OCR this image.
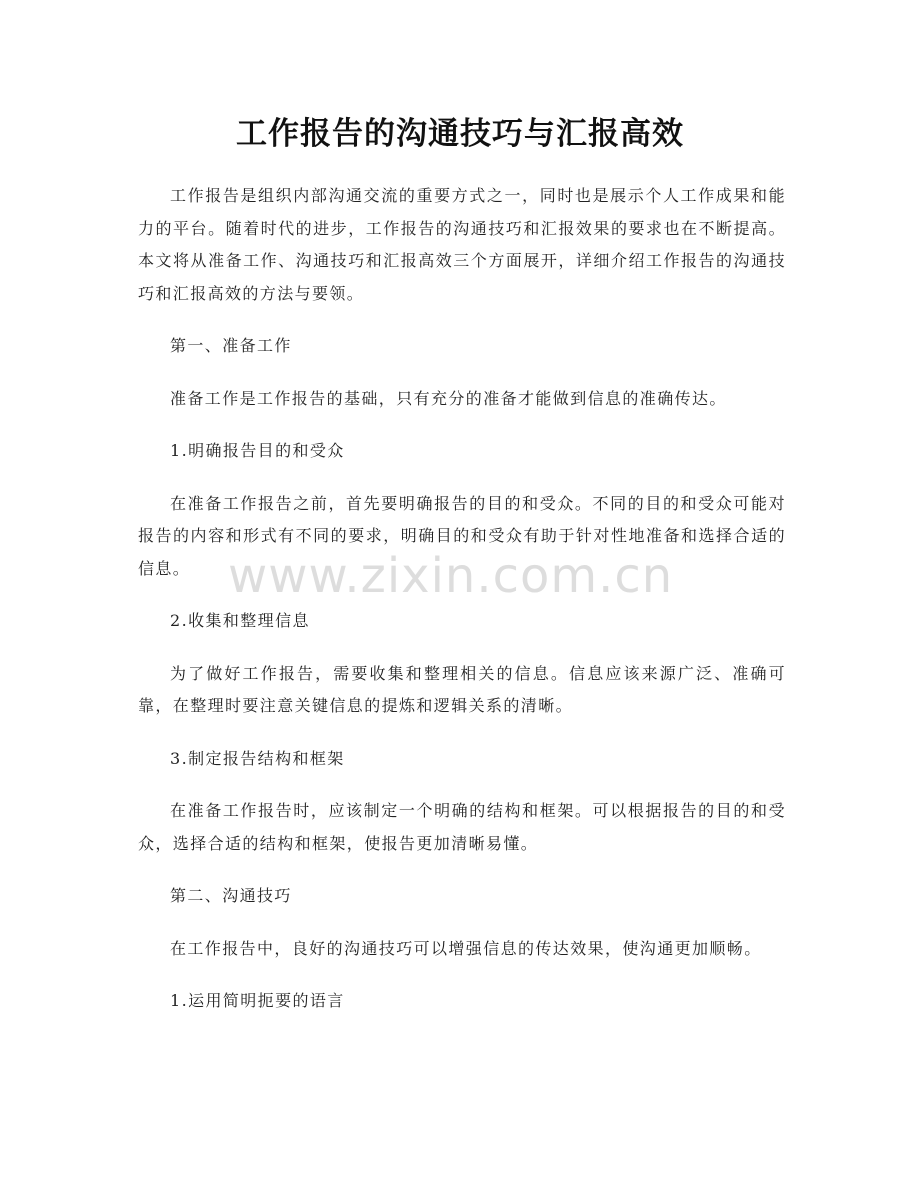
工作报告的沟通技巧与汇报高效

工作报告是组织内部沟通交流的重要方式之一，同时也是展示个人工作成果和能力的平台。随着时代的进步，工作报告的沟通技巧和汇报效果的要求也在不断提高。本文将从准备工作、沟通技巧和汇报高效三个方面展开，详细介绍工作报告的沟通技巧和汇报高效的方法与要领。

第一、准备工作

准备工作是工作报告的基础，只有充分的准备才能做到信息的准确传达。

1.明确报告目的和受众

在准备工作报告之前，首先要明确报告的目的和受众。不同的目的和受众可能对报告的内容和形式有不同的要求，明确目的和受众有助于针对性地准备和选择合适的信息。

2.收集和整理信息

为了做好工作报告，需要收集和整理相关的信息。信息应该来源广泛、准确可靠，在整理时要注意关键信息的提炼和逻辑关系的清晰。

3.制定报告结构和框架

在准备工作报告时，应该制定一个明确的结构和框架。可以根据报告的目的和受众，选择合适的结构和框架，使报告更加清晰易懂。

第二、沟通技巧

在工作报告中，良好的沟通技巧可以增强信息的传达效果，使沟通更加顺畅。

1.运用简明扼要的语言

www.zixin.com.cn
